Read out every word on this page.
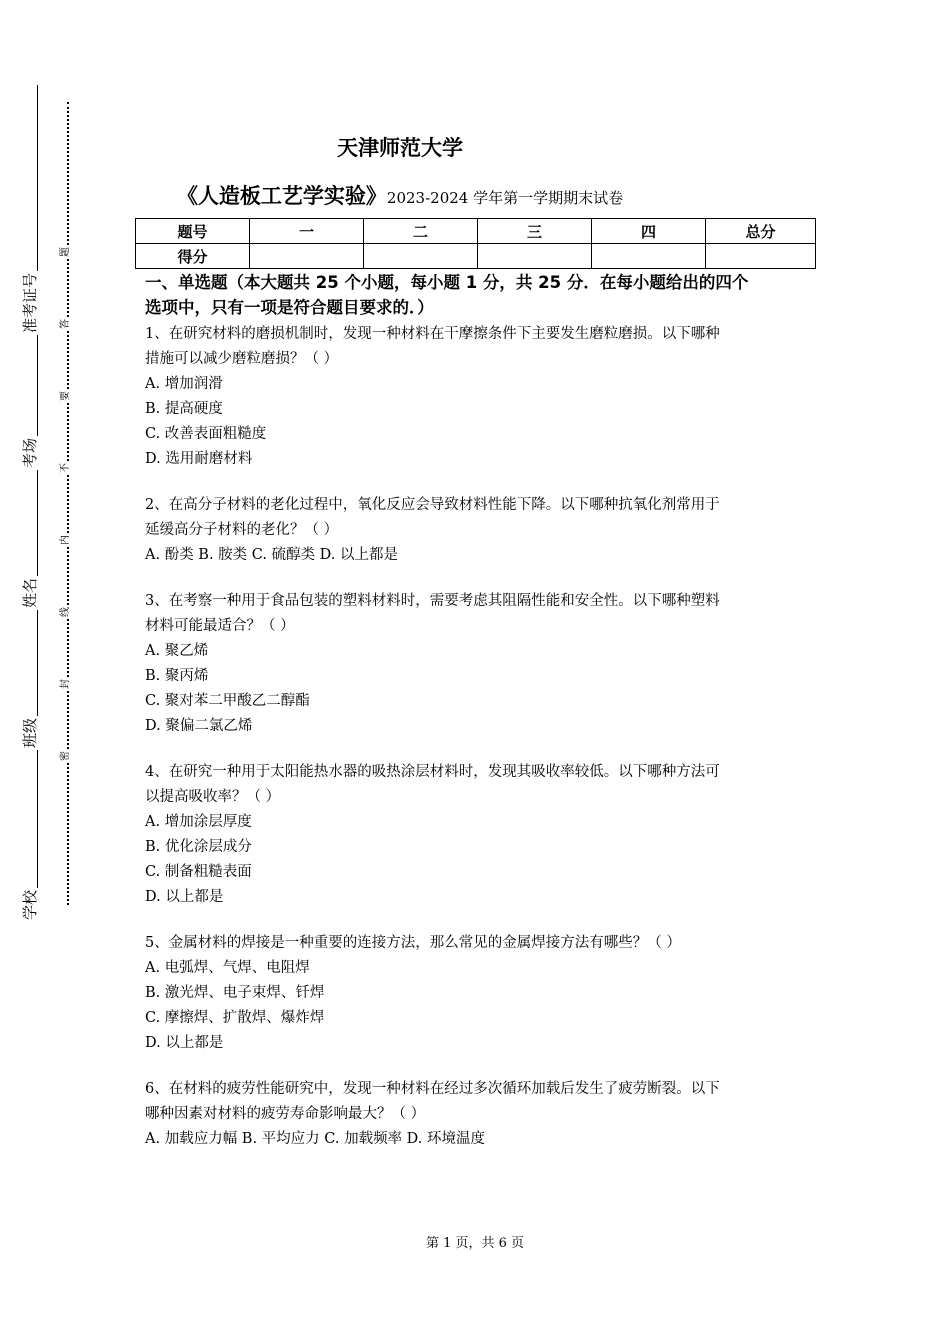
准考证号
考场
姓名
班级
学校
题
答
要
不
内
线
封
密
天津师范大学
《人造板工艺学实验》2023-2024 学年第一学期期末试卷
题号	一	二	三	四	总分
得分					
一、单选题（本大题共 25 个小题，每小题 1 分，共 25 分．在每小题给出的四个
选项中，只有一项是符合题目要求的．）
1、在研究材料的磨损机制时，发现一种材料在干摩擦条件下主要发生磨粒磨损。以下哪种
措施可以减少磨粒磨损？（ ）
A. 增加润滑
B. 提高硬度
C. 改善表面粗糙度
D. 选用耐磨材料
2、在高分子材料的老化过程中，氧化反应会导致材料性能下降。以下哪种抗氧化剂常用于
延缓高分子材料的老化？（ ）
A. 酚类 B. 胺类 C. 硫醇类 D. 以上都是
3、在考察一种用于食品包装的塑料材料时，需要考虑其阻隔性能和安全性。以下哪种塑料
材料可能最适合？（ ）
A. 聚乙烯
B. 聚丙烯
C. 聚对苯二甲酸乙二醇酯
D. 聚偏二氯乙烯
4、在研究一种用于太阳能热水器的吸热涂层材料时，发现其吸收率较低。以下哪种方法可
以提高吸收率？（ ）
A. 增加涂层厚度
B. 优化涂层成分
C. 制备粗糙表面
D. 以上都是
5、金属材料的焊接是一种重要的连接方法，那么常见的金属焊接方法有哪些？（ ）
A. 电弧焊、气焊、电阻焊
B. 激光焊、电子束焊、钎焊
C. 摩擦焊、扩散焊、爆炸焊
D. 以上都是
6、在材料的疲劳性能研究中，发现一种材料在经过多次循环加载后发生了疲劳断裂。以下
哪种因素对材料的疲劳寿命影响最大？（ ）
A. 加载应力幅 B. 平均应力 C. 加载频率 D. 环境温度
第 1 页，共 6 页
